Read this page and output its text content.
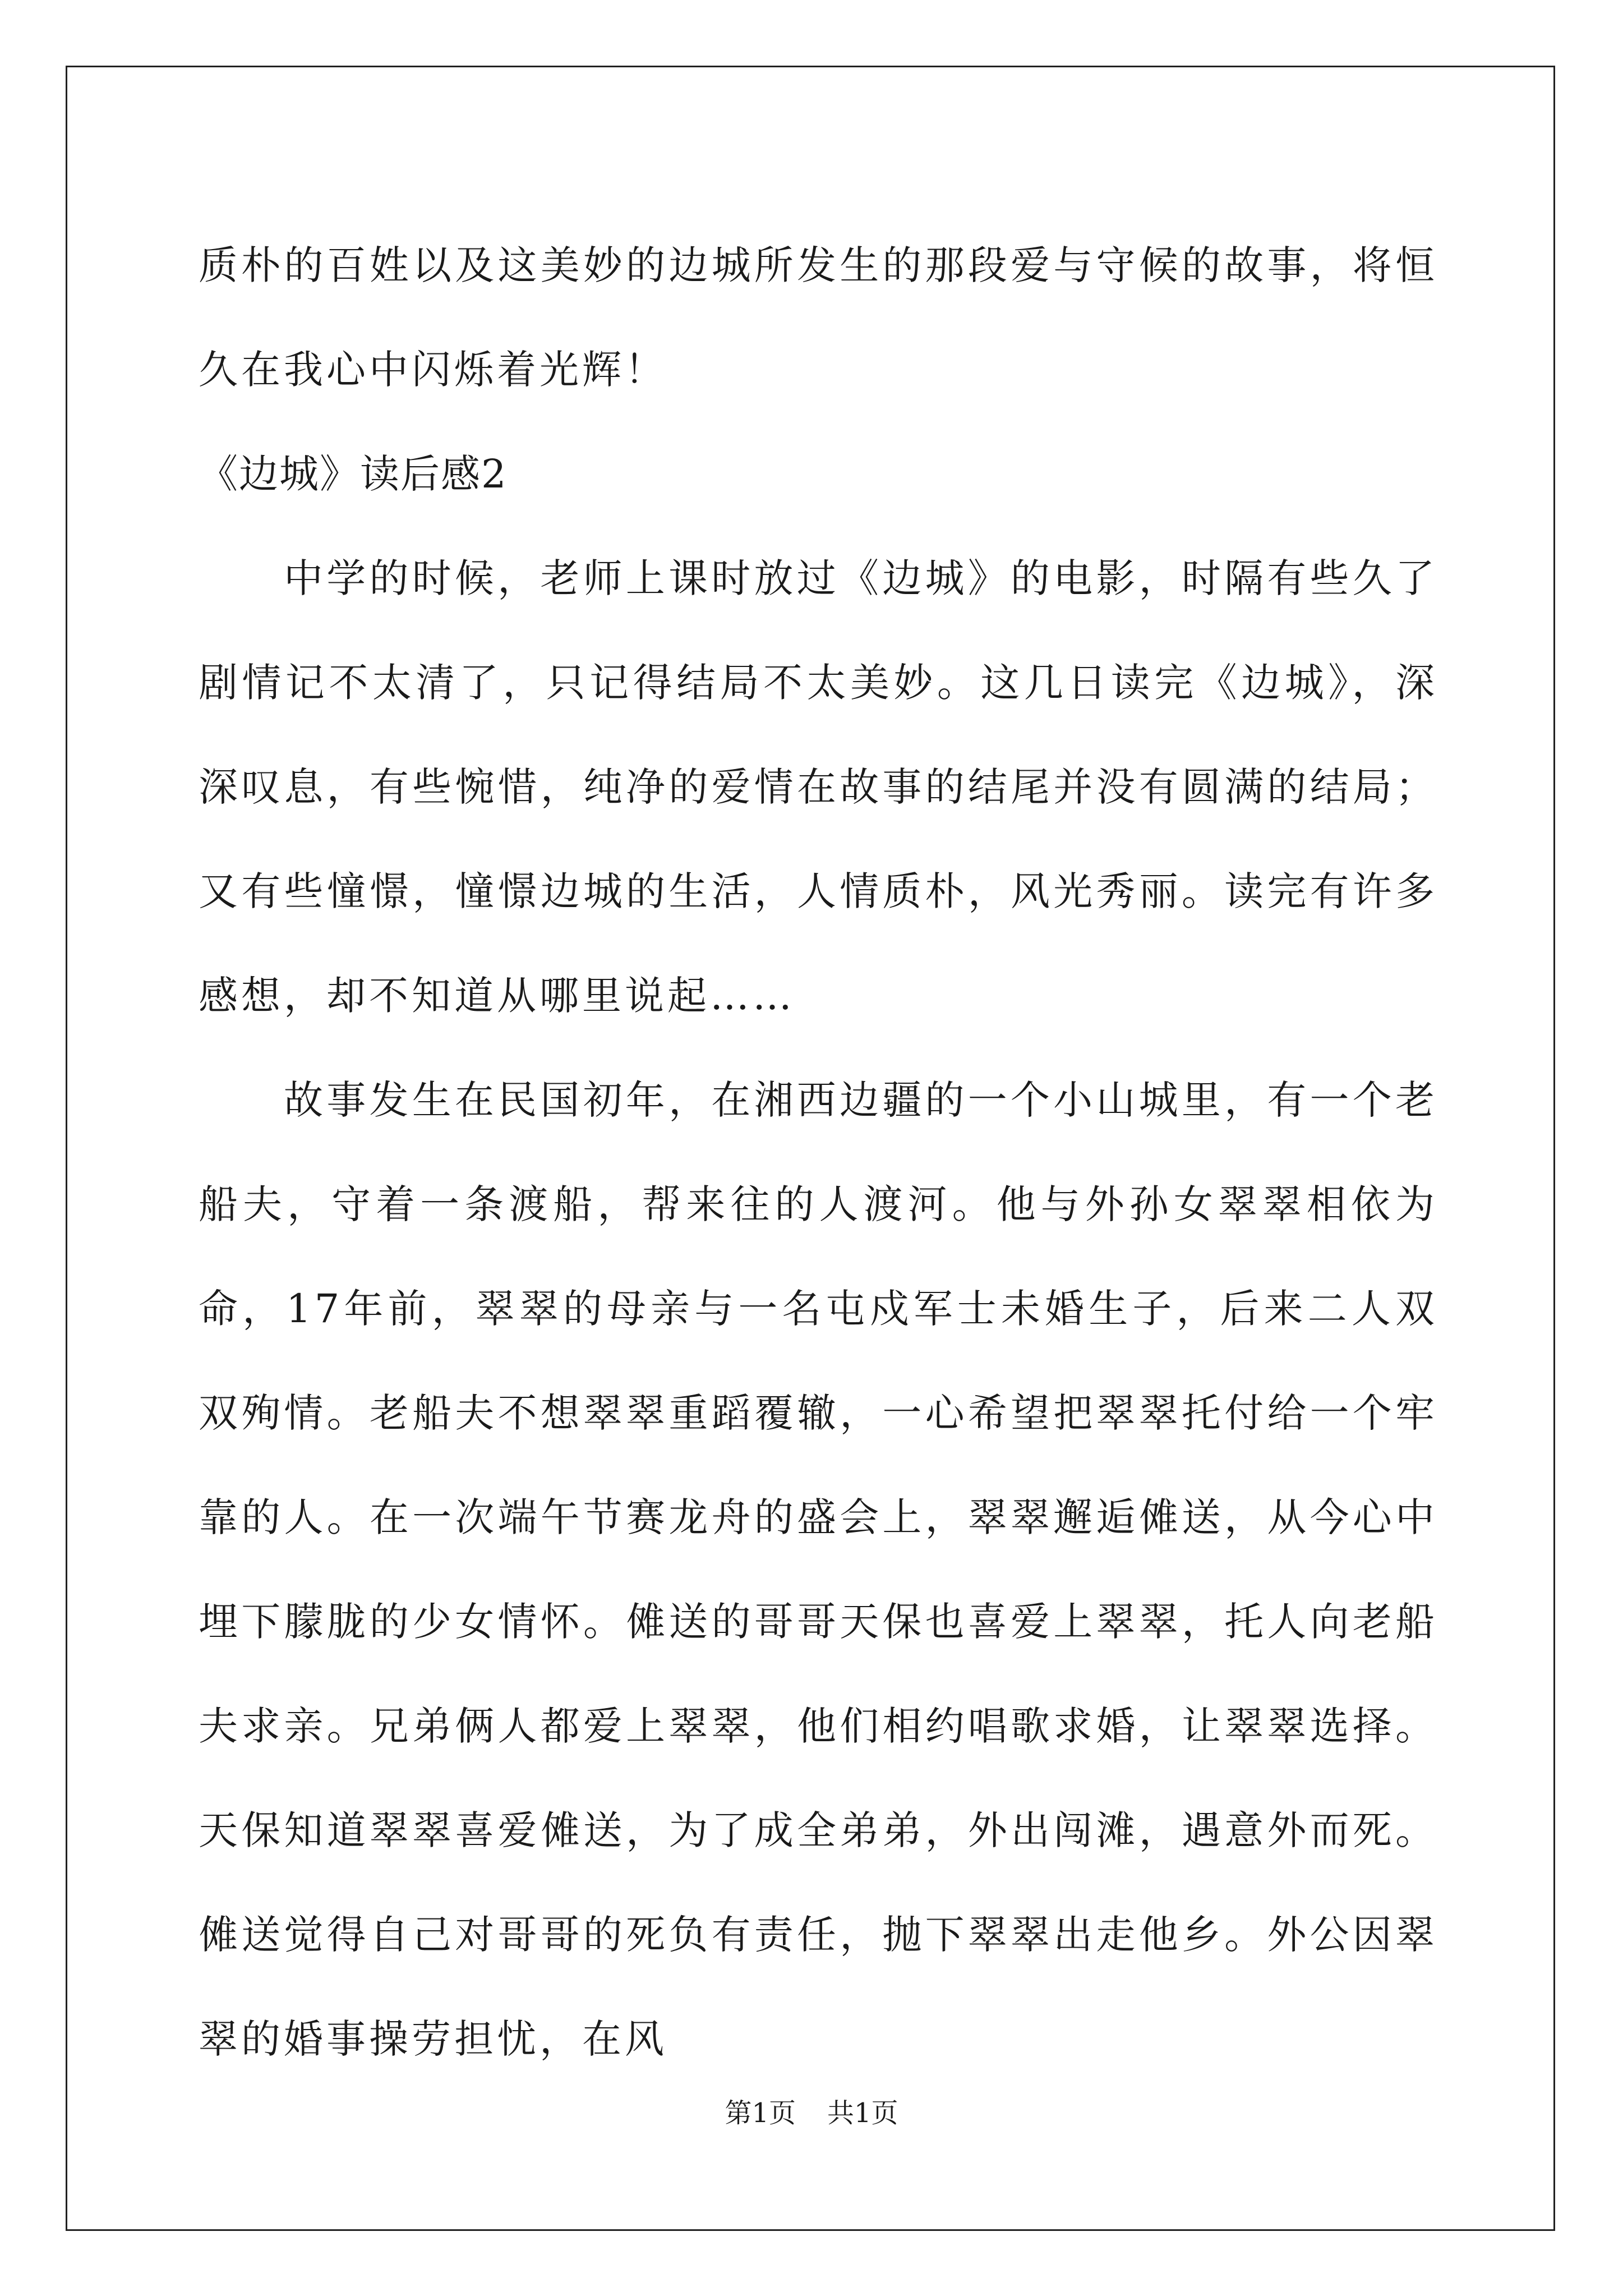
质朴的百姓以及这美妙的边城所发生的那段爱与守候的故事，将恒久在我心中闪烁着光辉！

《边城》读后感2

中学的时候，老师上课时放过《边城》的电影，时隔有些久了剧情记不太清了，只记得结局不太美妙。这几日读完《边城》，深深叹息，有些惋惜，纯净的爱情在故事的结尾并没有圆满的结局；又有些憧憬，憧憬边城的生活，人情质朴，风光秀丽。读完有许多感想，却不知道从哪里说起……

故事发生在民国初年，在湘西边疆的一个小山城里，有一个老船夫，守着一条渡船，帮来往的人渡河。他与外孙女翠翠相依为命，17年前，翠翠的母亲与一名屯戍军士未婚生子，后来二人双双殉情。老船夫不想翠翠重蹈覆辙，一心希望把翠翠托付给一个牢靠的人。在一次端午节赛龙舟的盛会上，翠翠邂逅傩送，从今心中埋下朦胧的少女情怀。傩送的哥哥天保也喜爱上翠翠，托人向老船夫求亲。兄弟俩人都爱上翠翠，他们相约唱歌求婚，让翠翠选择。天保知道翠翠喜爱傩送，为了成全弟弟，外出闯滩，遇意外而死。傩送觉得自己对哥哥的死负有责任，抛下翠翠出走他乡。外公因翠翠的婚事操劳担忧，在风

第1页 共1页
